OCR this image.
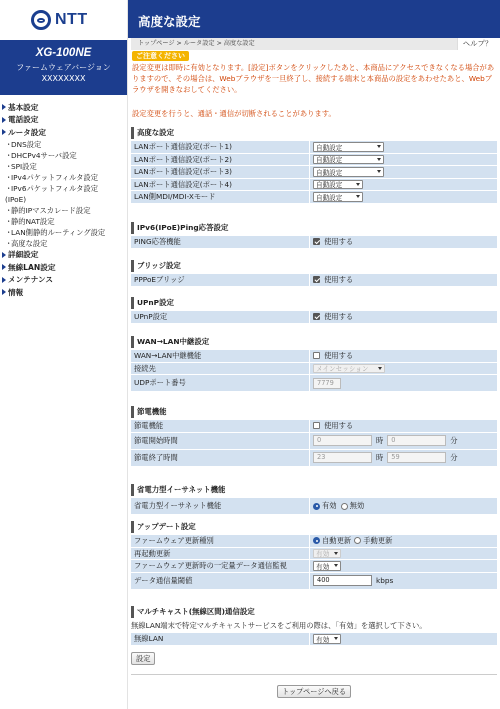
NTT
XG-100NE
ファームウェアバージョン
XXXXXXXX
基本設定
電話設定
ルータ設定
・
DNS設定
・
DHCPv4サーバ設定
・
SPI設定
・
IPv4パケットフィルタ設定
・
IPv6パケットフィルタ設定
(IPoE)
・
静的IPマスカレード設定
・
静的NAT設定
・
LAN側静的ルーティング設定
・
高度な設定
詳細設定
無線LAN設定
メンテナンス
情報
高度な設定
トップページ > ルータ設定 > 高度な設定	ヘルプ？
ご注意ください
設定変更は即時に有効となります。[設定]ボタンをクリックしたあと、本商品にアクセスできなくなる場合がありますので、その場合は、Webブラウザを一旦終了し、接続する端末と本商品の設定をあわせたあと、Webブラウザを開きなおしてください。
設定変更を行うと、通話・通信が切断されることがあります。
高度な設定
LANポート通信設定(ポート1)	自動設定
LANポート通信設定(ポート2)	自動設定
LANポート通信設定(ポート3)	自動設定
LANポート通信設定(ポート4)	自動設定
LAN側MDI/MDI-Xモード	自動設定
IPv6(IPoE)Ping応答設定
PING応答機能	使用する
ブリッジ設定
PPPoEブリッジ	使用する
UPnP設定
UPnP設定	使用する
WAN→LAN中継設定
WAN→LAN中継機能	使用する
接続先	メインセッション
UDPポート番号	7779
節電機能
節電機能	使用する
節電開始時間	0	時	0	分
節電終了時間	23	時	59	分
省電力型イーサネット機能
省電力型イーサネット機能	有効 無効
アップデート設定
ファームウェア更新種別	自動更新 手動更新
再起動更新	有効
ファームウェア更新時の一定量データ通信監視	有効
データ通信量閾値	400	kbps
マルチキャスト(無線区間)通信設定
無線LAN端末で特定マルチキャストサービスをご利用の際は、「有効」を選択して下さい。
無線LAN	有効
設定
トップページへ戻る
